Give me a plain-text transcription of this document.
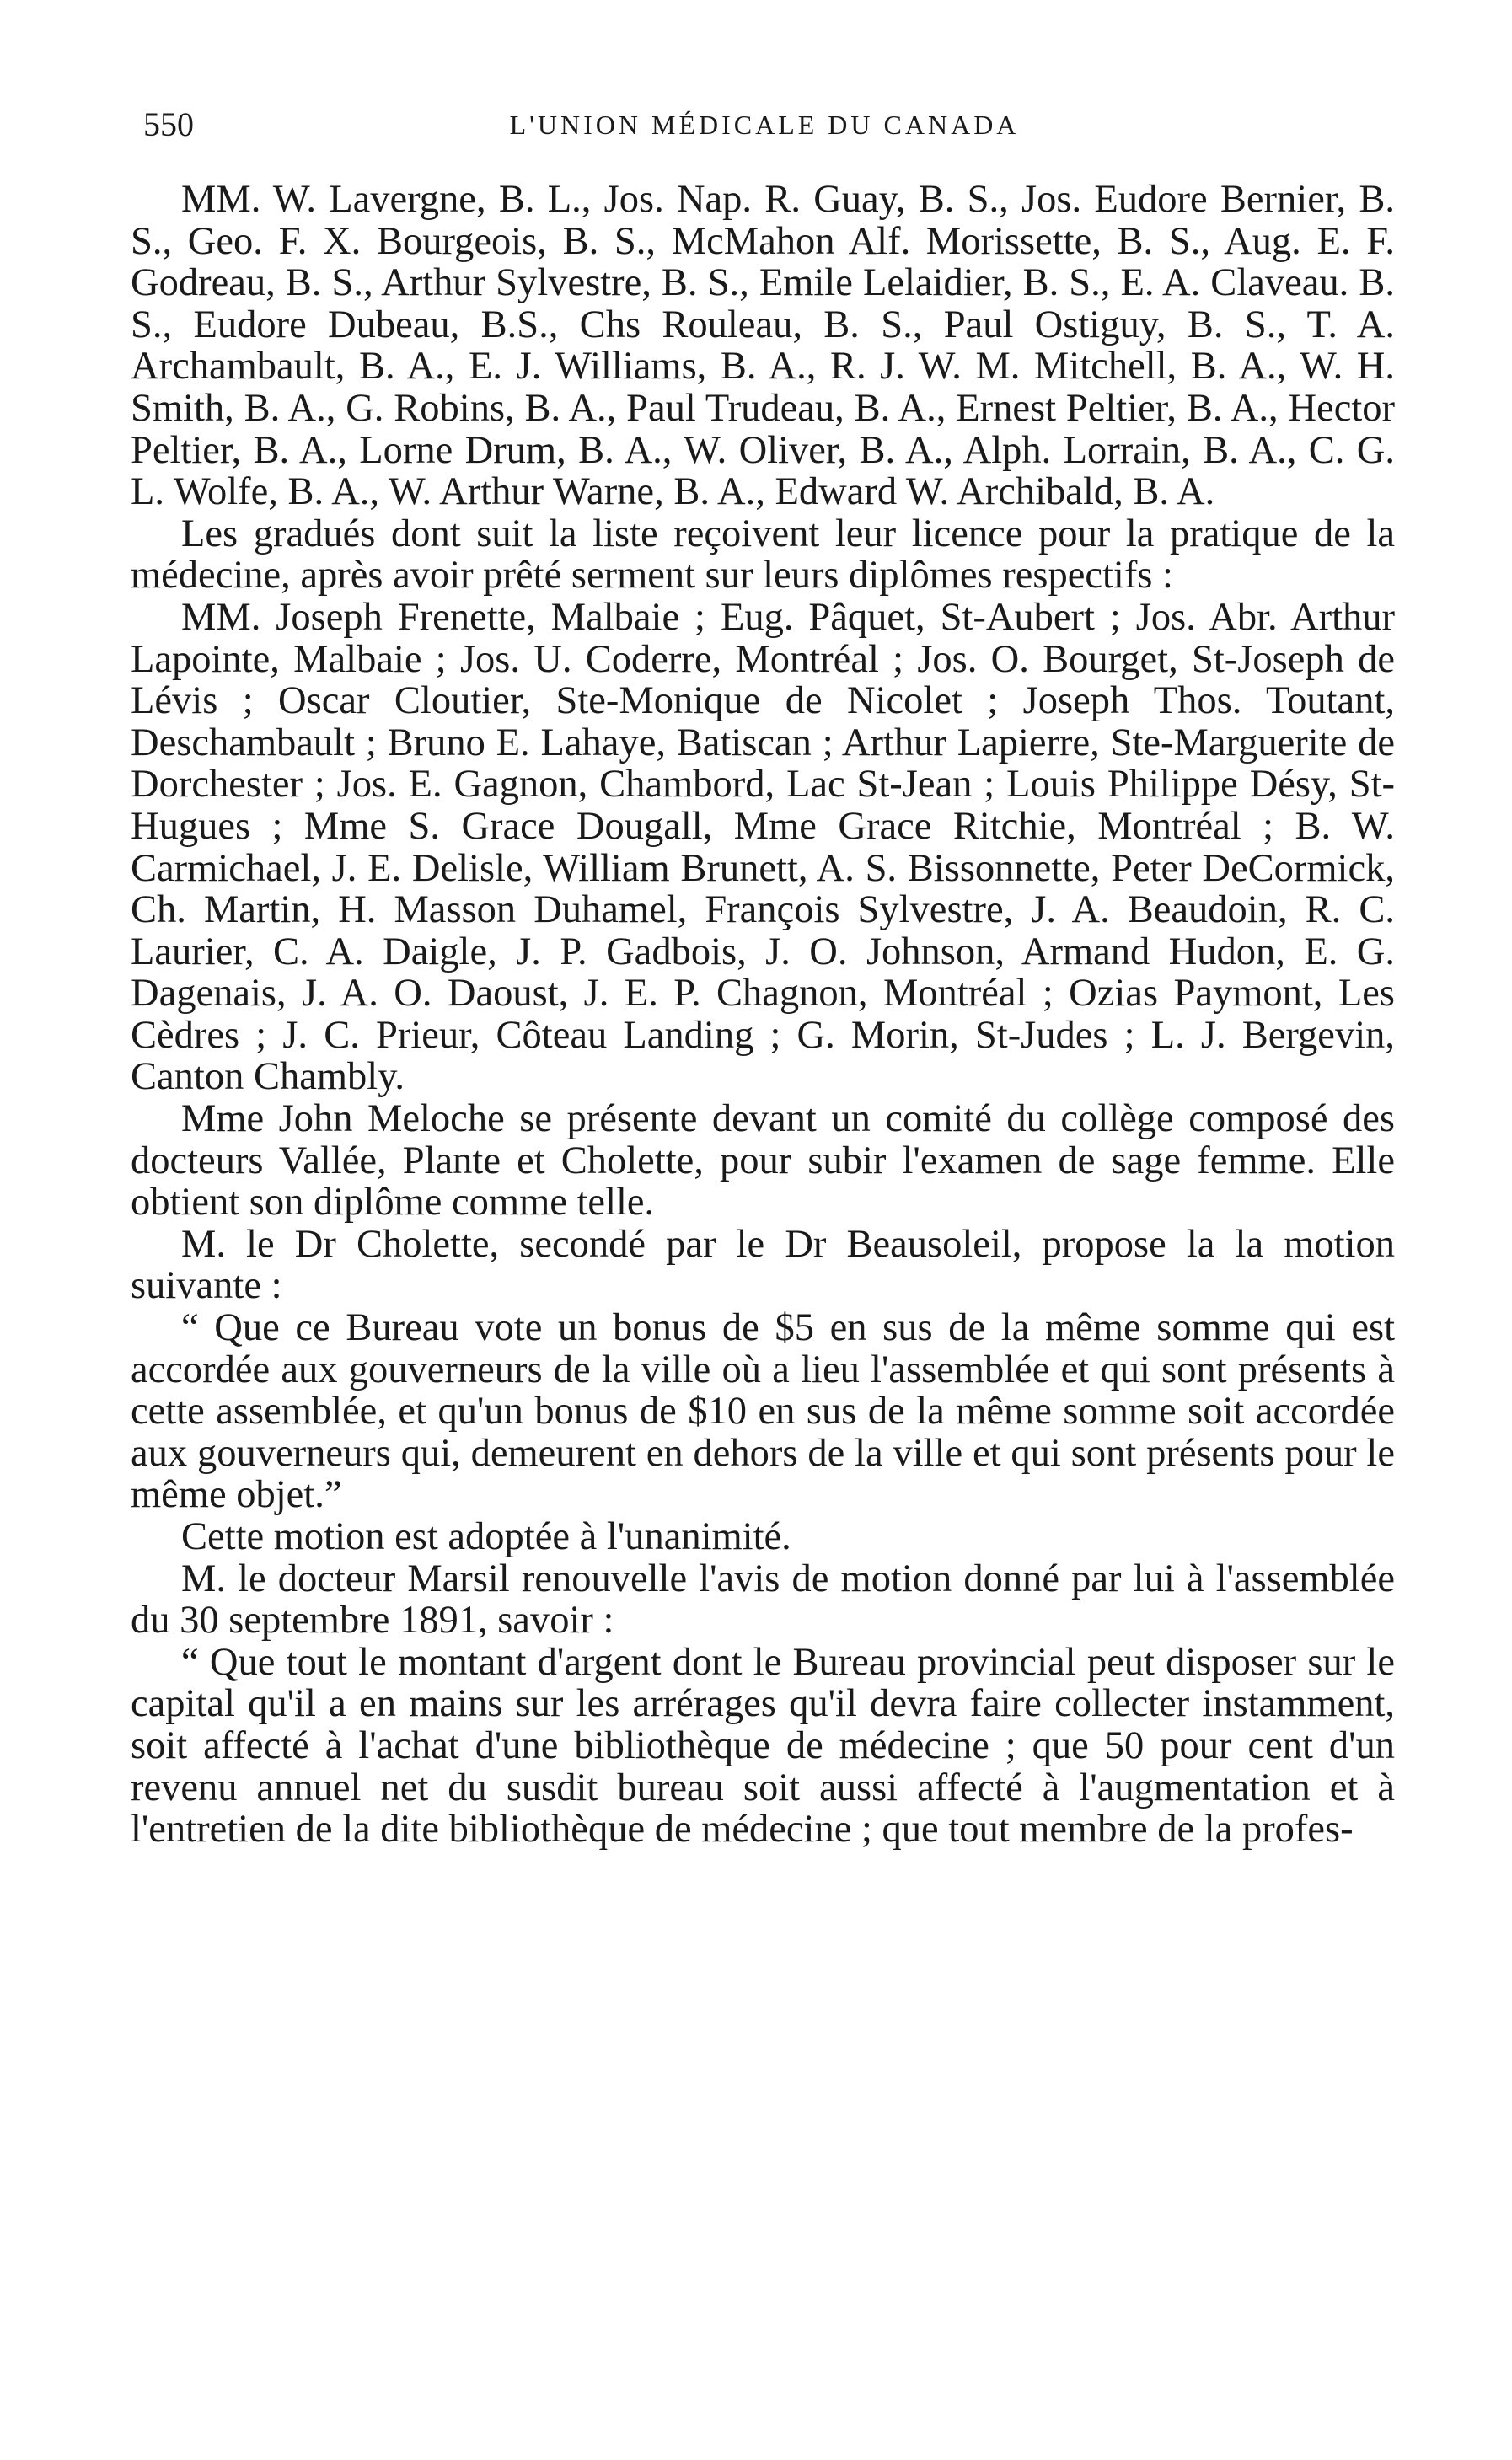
550	L'UNION MÉDICALE DU CANADA

MM. W. Lavergne, B. L., Jos. Nap. R. Guay, B. S., Jos. Eudore Bernier, B. S., Geo. F. X. Bourgeois, B. S., McMahon Alf. Morissette, B. S., Aug. E. F. Godreau, B. S., Arthur Sylvestre, B. S., Emile Lelaidier, B. S., E. A. Claveau. B. S., Eudore Dubeau, B.S., Chs Rouleau, B. S., Paul Ostiguy, B. S., T. A. Archambault, B. A., E. J. Williams, B. A., R. J. W. M. Mitchell, B. A., W. H. Smith, B. A., G. Robins, B. A., Paul Trudeau, B. A., Ernest Peltier, B. A., Hector Peltier, B. A., Lorne Drum, B. A., W. Oliver, B. A., Alph. Lorrain, B. A., C. G. L. Wolfe, B. A., W. Arthur Warne, B. A., Edward W. Archibald, B. A.

Les gradués dont suit la liste reçoivent leur licence pour la pratique de la médecine, après avoir prêté serment sur leurs diplômes respectifs :

MM. Joseph Frenette, Malbaie ; Eug. Pâquet, St-Aubert ; Jos. Abr. Arthur Lapointe, Malbaie ; Jos. U. Coderre, Montréal ; Jos. O. Bourget, St-Joseph de Lévis ; Oscar Cloutier, Ste-Monique de Nicolet ; Joseph Thos. Toutant, Deschambault ; Bruno E. Lahaye, Batiscan ; Arthur Lapierre, Ste-Marguerite de Dorchester ; Jos. E. Gagnon, Chambord, Lac St-Jean ; Louis Philippe Désy, St-Hugues ; Mme S. Grace Dougall, Mme Grace Ritchie, Montréal ; B. W. Carmichael, J. E. Delisle, William Brunett, A. S. Bissonnette, Peter DeCormick, Ch. Martin, H. Masson Duhamel, François Sylvestre, J. A. Beaudoin, R. C. Laurier, C. A. Daigle, J. P. Gadbois, J. O. Johnson, Armand Hudon, E. G. Dagenais, J. A. O. Daoust, J. E. P. Chagnon, Montréal ; Ozias Paymont, Les Cèdres ; J. C. Prieur, Côteau Landing ; G. Morin, St-Judes ; L. J. Bergevin, Canton Chambly.

Mme John Meloche se présente devant un comité du collège composé des docteurs Vallée, Plante et Cholette, pour subir l'examen de sage femme. Elle obtient son diplôme comme telle.

M. le Dr Cholette, secondé par le Dr Beausoleil, propose la la motion suivante :

“ Que ce Bureau vote un bonus de $5 en sus de la même somme qui est accordée aux gouverneurs de la ville où a lieu l'assemblée et qui sont présents à cette assemblée, et qu'un bonus de $10 en sus de la même somme soit accordée aux gouverneurs qui, demeurent en dehors de la ville et qui sont présents pour le même objet.”

Cette motion est adoptée à l'unanimité.

M. le docteur Marsil renouvelle l'avis de motion donné par lui à l'assemblée du 30 septembre 1891, savoir :

“ Que tout le montant d'argent dont le Bureau provincial peut disposer sur le capital qu'il a en mains sur les arrérages qu'il devra faire collecter instamment, soit affecté à l'achat d'une bibliothèque de médecine ; que 50 pour cent d'un revenu annuel net du susdit bureau soit aussi affecté à l'augmentation et à l'entretien de la dite bibliothèque de médecine ; que tout membre de la profes-
